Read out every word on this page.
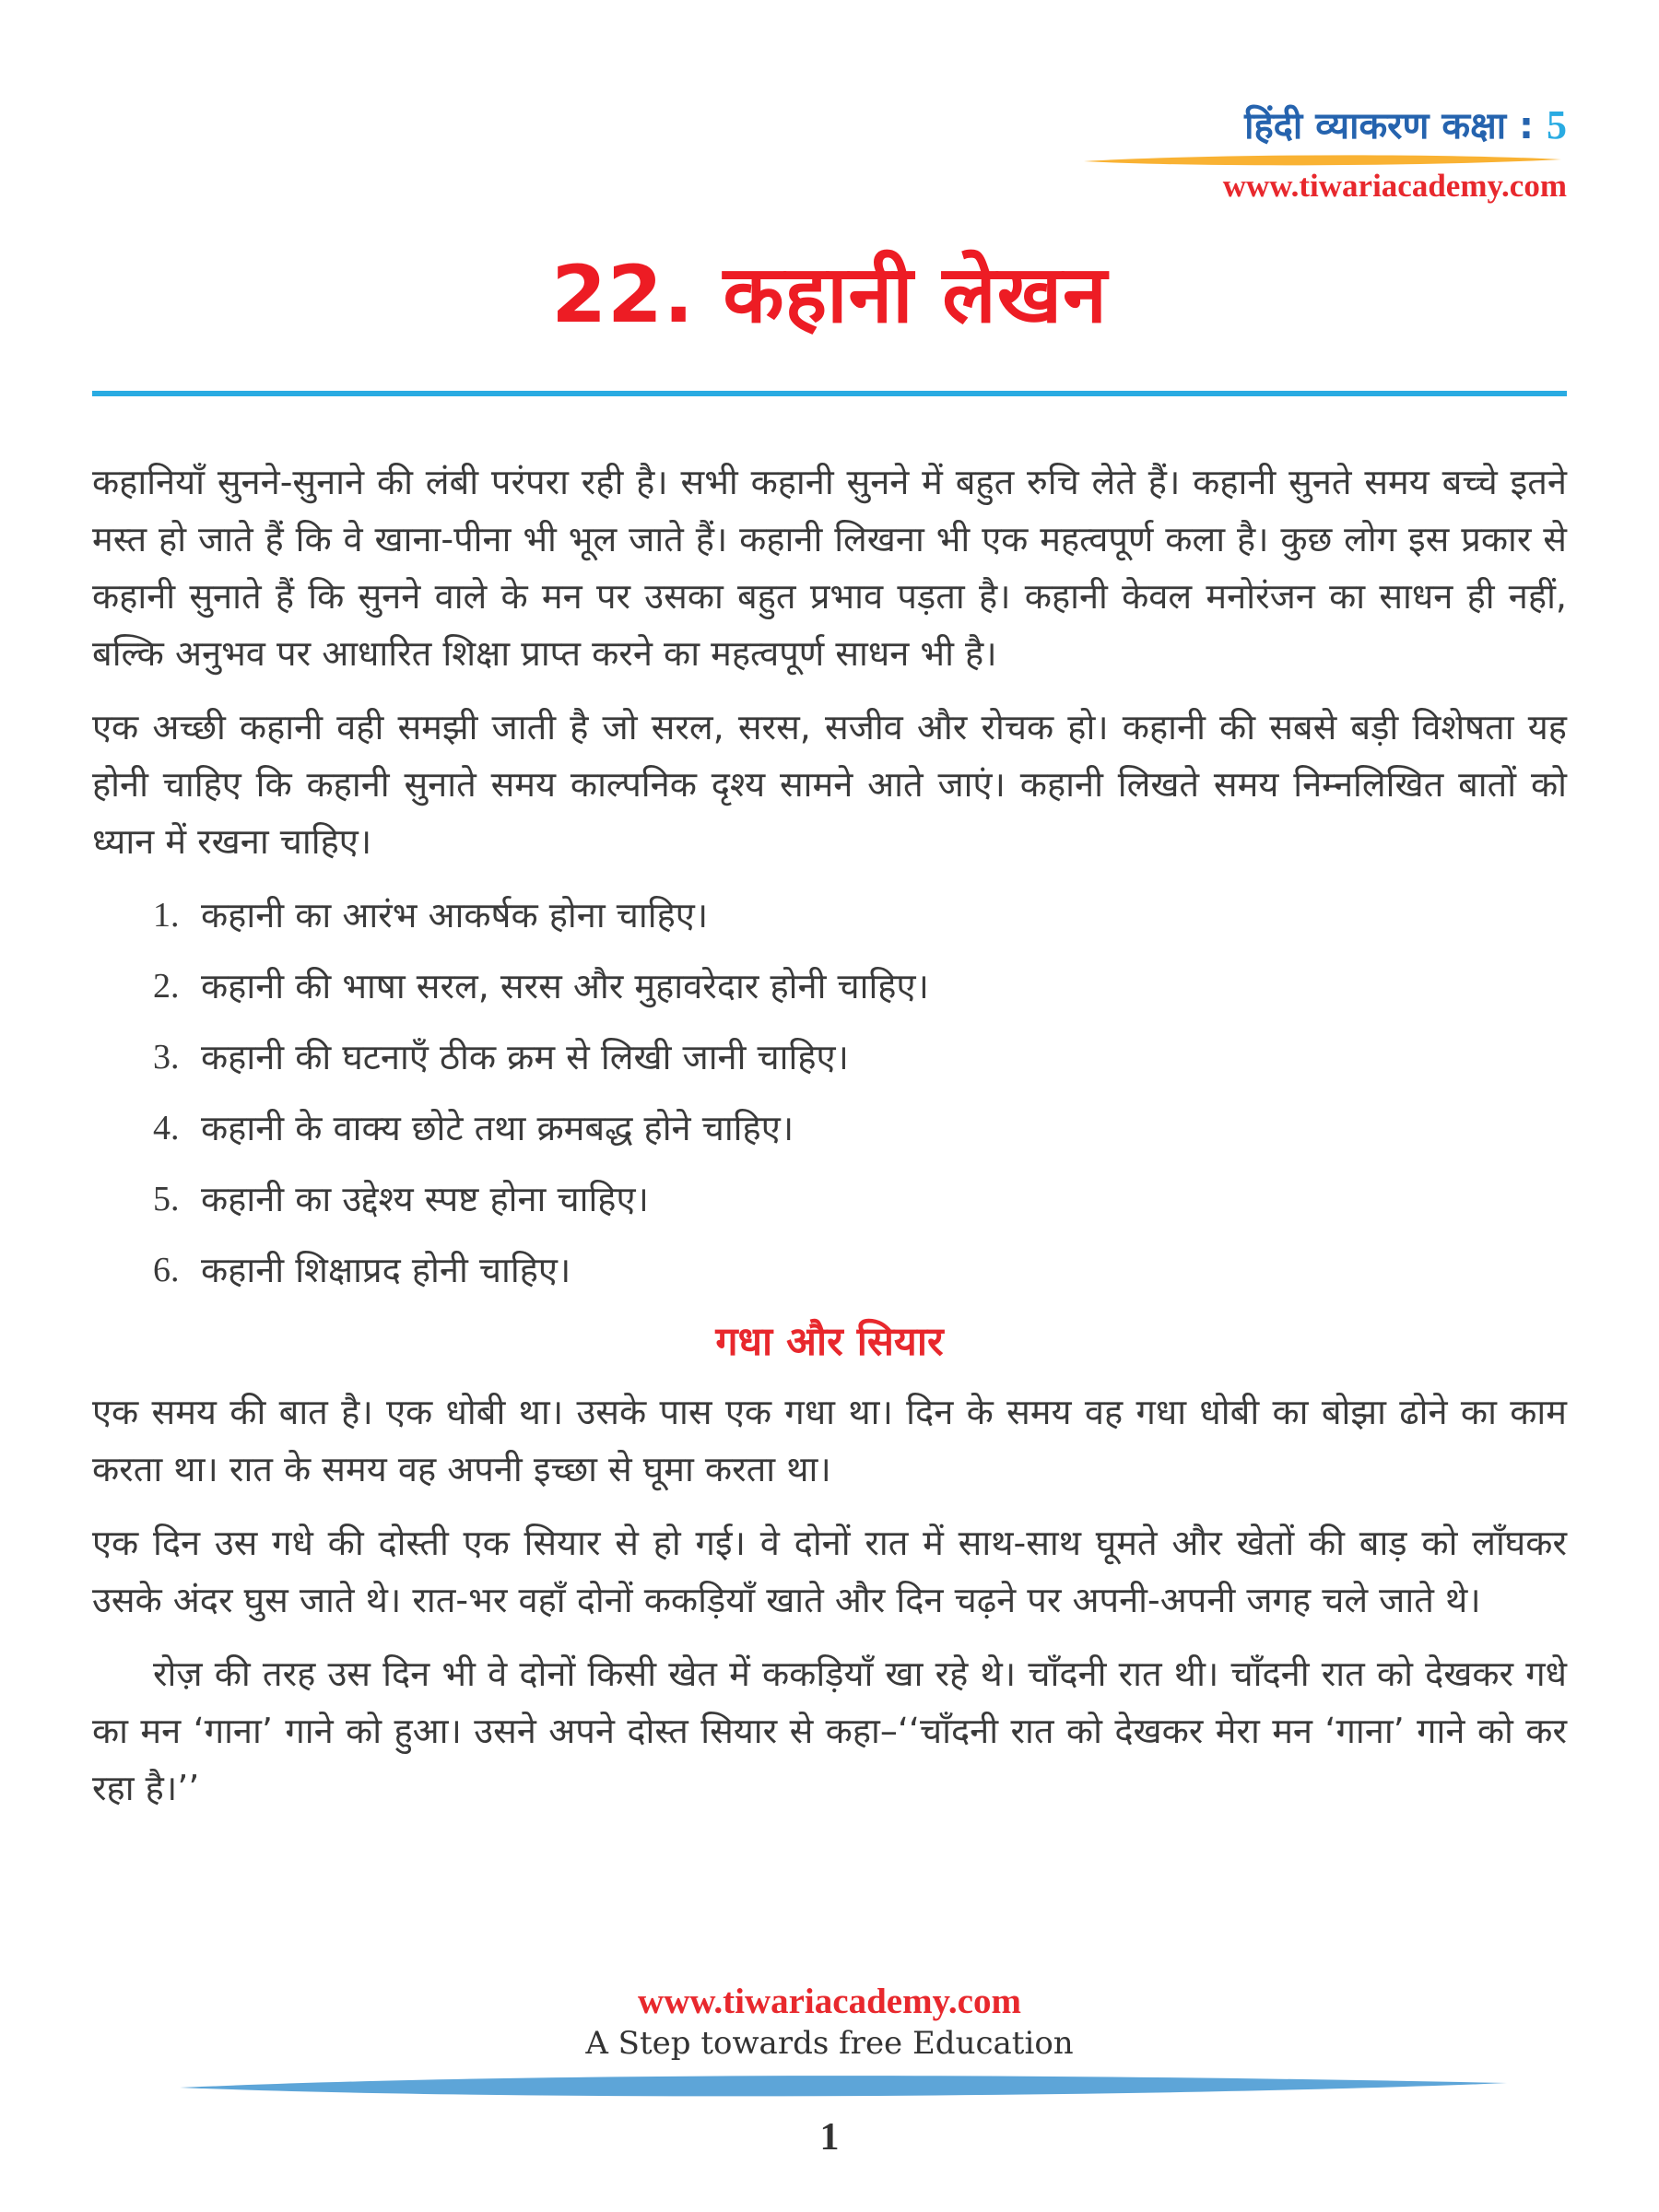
हिंदी व्याकरण कक्षा : 5
www.tiwariacademy.com
22. कहानी लेखन

कहानियाँ सुनने-सुनाने की लंबी परंपरा रही है। सभी कहानी सुनने में बहुत रुचि लेते हैं। कहानी सुनते समय बच्चे इतने मस्त हो जाते हैं कि वे खाना-पीना भी भूल जाते हैं। कहानी लिखना भी एक महत्वपूर्ण कला है। कुछ लोग इस प्रकार से कहानी सुनाते हैं कि सुनने वाले के मन पर उसका बहुत प्रभाव पड़ता है। कहानी केवल मनोरंजन का साधन ही नहीं, बल्कि अनुभव पर आधारित शिक्षा प्राप्त करने का महत्वपूर्ण साधन भी है।

एक अच्छी कहानी वही समझी जाती है जो सरल, सरस, सजीव और रोचक हो। कहानी की सबसे बड़ी विशेषता यह होनी चाहिए कि कहानी सुनाते समय काल्पनिक दृश्य सामने आते जाएं। कहानी लिखते समय निम्नलिखित बातों को ध्यान में रखना चाहिए।

1. कहानी का आरंभ आकर्षक होना चाहिए।
2. कहानी की भाषा सरल, सरस और मुहावरेदार होनी चाहिए।
3. कहानी की घटनाएँ ठीक क्रम से लिखी जानी चाहिए।
4. कहानी के वाक्य छोटे तथा क्रमबद्ध होने चाहिए।
5. कहानी का उद्देश्य स्पष्ट होना चाहिए।
6. कहानी शिक्षाप्रद होनी चाहिए।
गधा और सियार

एक समय की बात है। एक धोबी था। उसके पास एक गधा था। दिन के समय वह गधा धोबी का बोझा ढोने का काम करता था। रात के समय वह अपनी इच्छा से घूमा करता था।

एक दिन उस गधे की दोस्ती एक सियार से हो गई। वे दोनों रात में साथ-साथ घूमते और खेतों की बाड़ को लाँघकर उसके अंदर घुस जाते थे। रात-भर वहाँ दोनों ककड़ियाँ खाते और दिन चढ़ने पर अपनी-अपनी जगह चले जाते थे।

रोज़ की तरह उस दिन भी वे दोनों किसी खेत में ककड़ियाँ खा रहे थे। चाँदनी रात थी। चाँदनी रात को देखकर गधे का मन ‘गाना’ गाने को हुआ। उसने अपने दोस्त सियार से कहा–‘‘चाँदनी रात को देखकर मेरा मन ‘गाना’ गाने को कर रहा है।’’

www.tiwariacademy.com
A Step towards free Education
1
